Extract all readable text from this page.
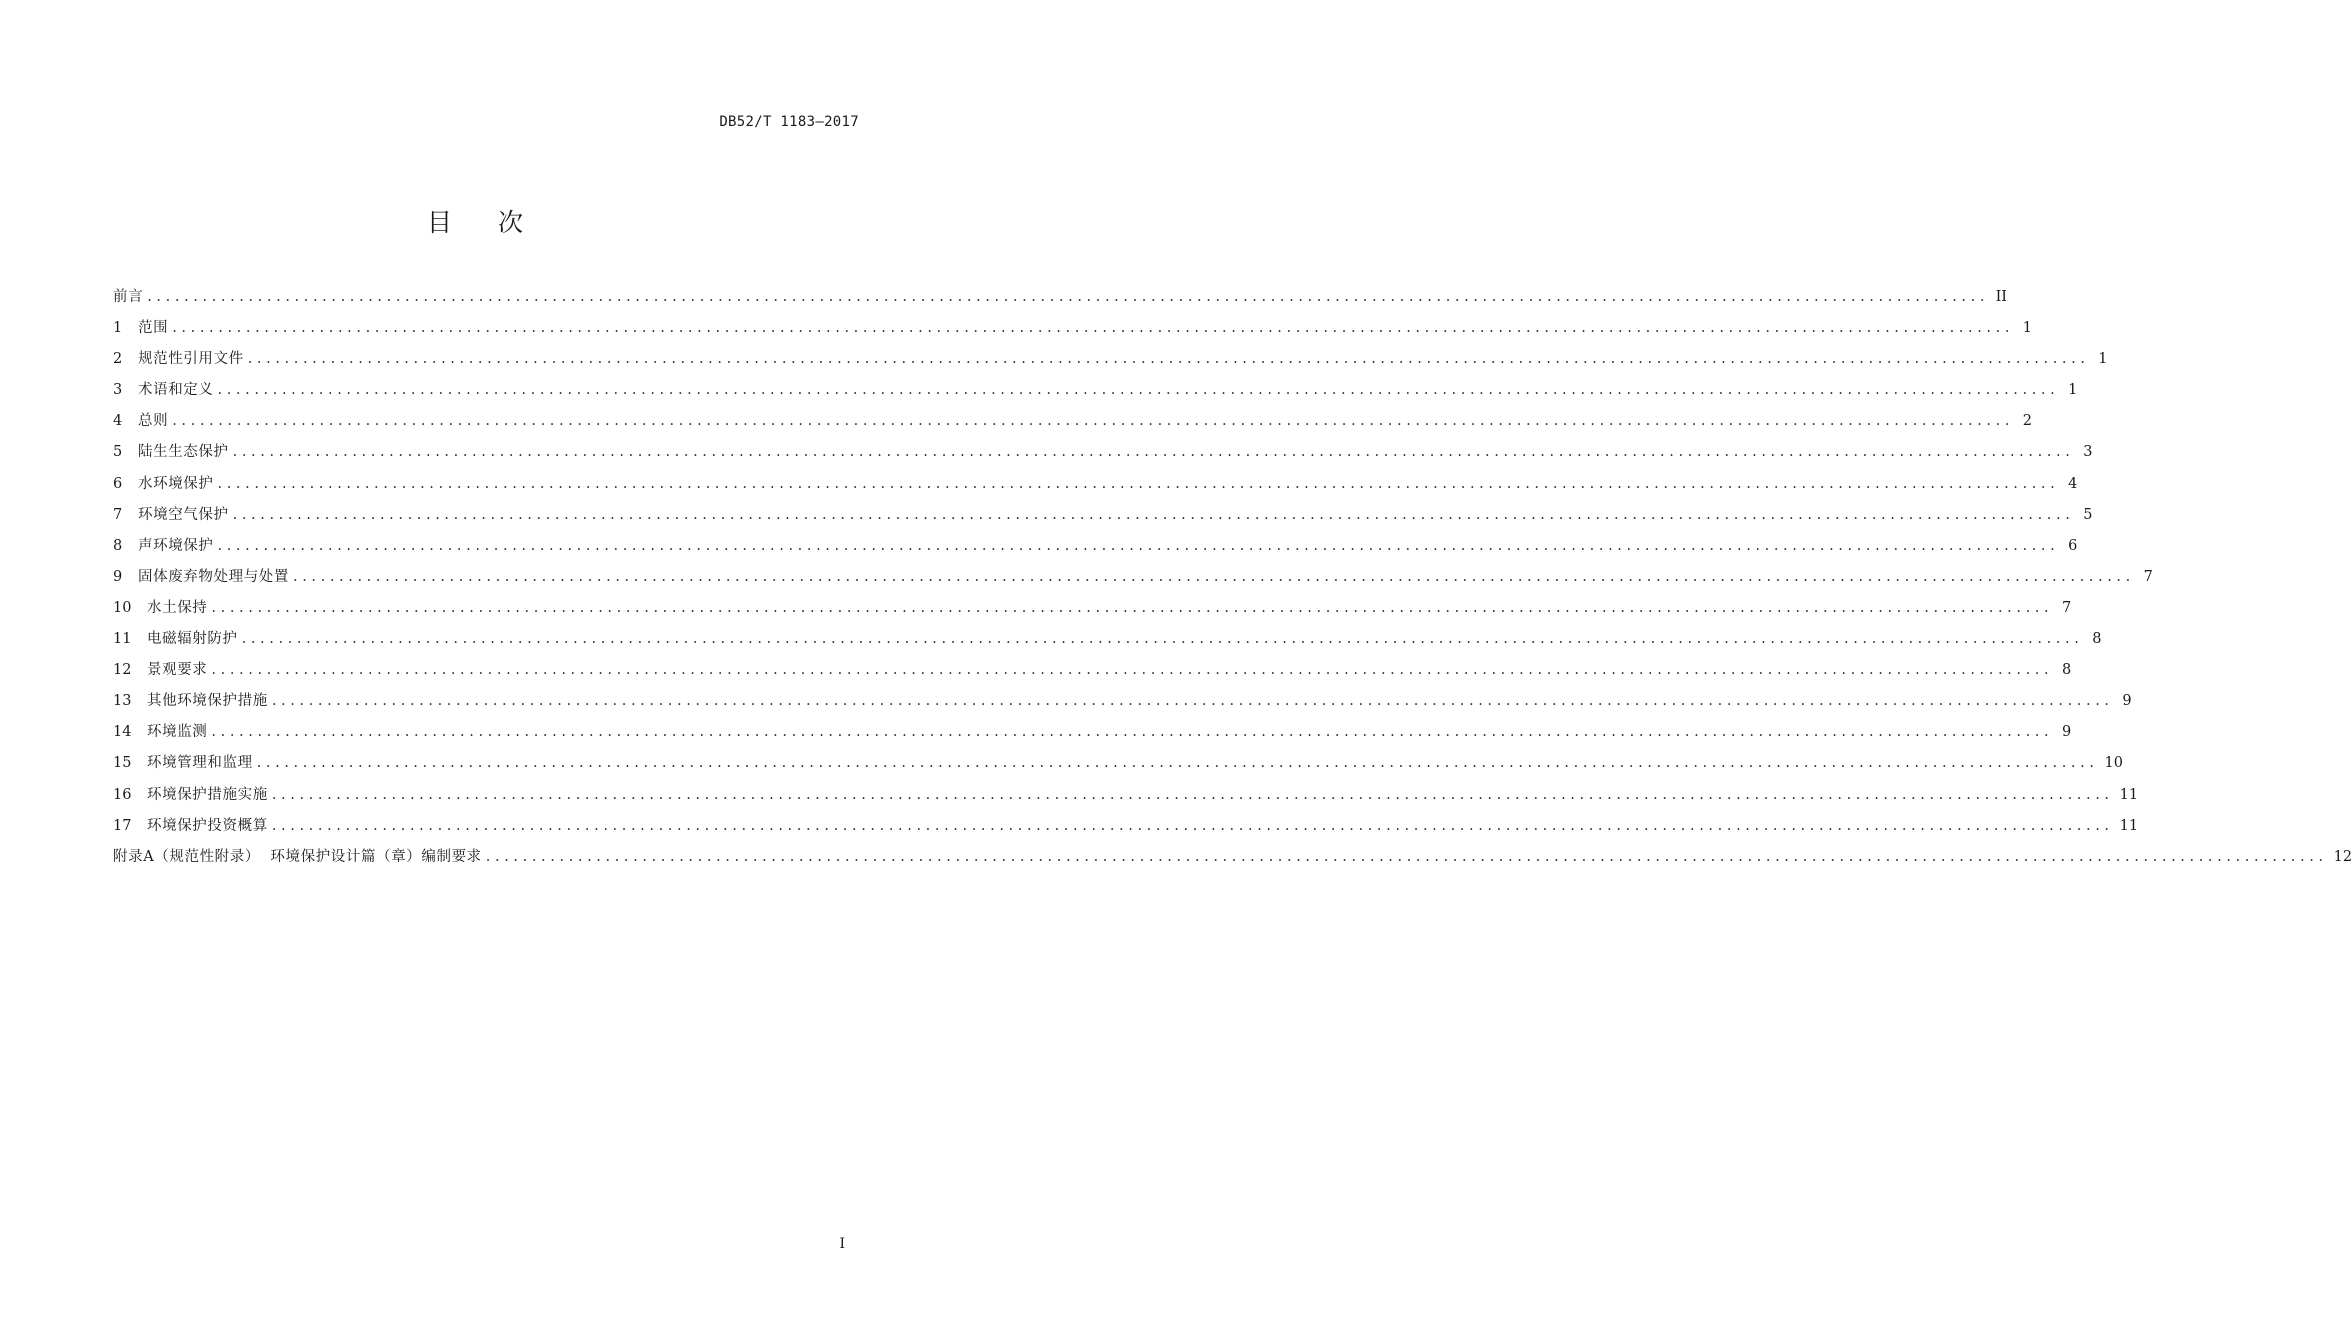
DB52/T 1183—2017
目次
前言 ........................................................................................................................................................................................................ II
1	范围 ........................................................................................................................................................................................................ 1
2	规范性引用文件 ........................................................................................................................................................................................................ 1
3	术语和定义 ........................................................................................................................................................................................................ 1
4	总则 ........................................................................................................................................................................................................ 2
5	陆生生态保护 ........................................................................................................................................................................................................ 3
6	水环境保护 ........................................................................................................................................................................................................ 4
7	环境空气保护 ........................................................................................................................................................................................................ 5
8	声环境保护 ........................................................................................................................................................................................................ 6
9	固体废弃物处理与处置 ........................................................................................................................................................................................................ 7
10	水土保持 ........................................................................................................................................................................................................ 7
11	电磁辐射防护 ........................................................................................................................................................................................................ 8
12	景观要求 ........................................................................................................................................................................................................ 8
13	其他环境保护措施 ........................................................................................................................................................................................................ 9
14	环境监测 ........................................................................................................................................................................................................ 9
15	环境管理和监理 ........................................................................................................................................................................................................ 10
16	环境保护措施实施 ........................................................................................................................................................................................................ 11
17	环境保护投资概算 ........................................................................................................................................................................................................ 11
附录A（规范性附录）  环境保护设计篇（章）编制要求 ........................................................................................................................................................................................................ 12
I
